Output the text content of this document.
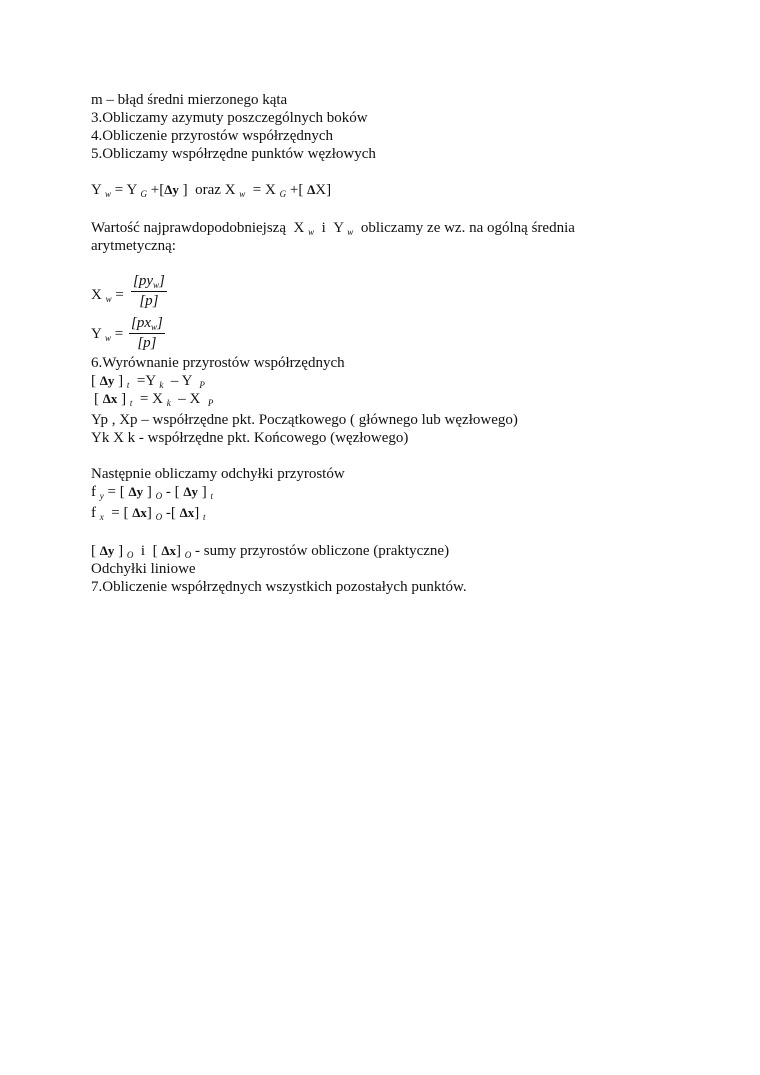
m – błąd średni mierzonego kąta
3.Obliczamy azymuty poszczególnych boków
4.Obliczenie przyrostów współrzędnych
5.Obliczamy współrzędne punktów węzłowych
Y $_w$ = Y $_G$ +[Δy ] oraz X $_w$ = X $_G$ +[ ΔX]
Wartość najprawdopodobniejszą X $_w$ i Y $_w$ obliczamy ze wz. na ogólną średnia
arytmetyczną:
X $_w$ =
$[py_w]$
[p]
Y $_w$ =
$[px_w]$
[p]
6.Wyrównanie przyrostów współrzędnych
[ Δy ] $_t$ =Y $_k$ – Y $_P$
[ Δx ] $_t$ = X $_k$ – X $_P$
Yp , Xp – współrzędne pkt. Początkowego ( głównego lub węzłowego)
Yk X k - współrzędne pkt. Końcowego (węzłowego)
Następnie obliczamy odchyłki przyrostów
f $_y$ = [ Δy ] $_O$ - [ Δy ] $_t$
f $_x$ = [ Δx] $_O$ -[ Δx] $_t$
[ Δy ] $_O$ i [ Δx] $_O$ - sumy przyrostów obliczone (praktyczne)
Odchyłki liniowe
7.Obliczenie współrzędnych wszystkich pozostałych punktów.
